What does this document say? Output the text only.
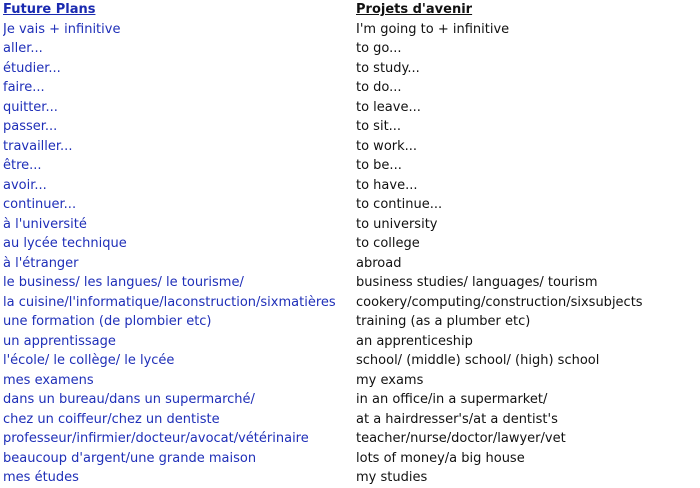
Future Plans	Projets d'avenir
Je vais + infinitive	I'm going to + infinitive
aller...	to go...
étudier...	to study...
faire...	to do...
quitter...	to leave...
passer...	to sit...
travailler...	to work...
être...	to be...
avoir...	to have...
continuer...	to continue...
à l'université	to university
au lycée technique	to college
à l'étranger	abroad
le business/ les langues/ le tourisme/	business studies/ languages/ tourism
la cuisine/l'informatique/laconstruction/sixmatières	cookery/computing/construction/sixsubjects
une formation (de plombier etc)	training (as a plumber etc)
un apprentissage	an apprenticeship
l'école/ le collège/ le lycée	school/ (middle) school/ (high) school
mes examens	my exams
dans un bureau/dans un supermarché/	in an office/in a supermarket/
chez un coiffeur/chez un dentiste	at a hairdresser's/at a dentist's
professeur/infirmier/docteur/avocat/vétérinaire	teacher/nurse/doctor/lawyer/vet
beaucoup d'argent/une grande maison	lots of money/a big house
mes études	my studies
